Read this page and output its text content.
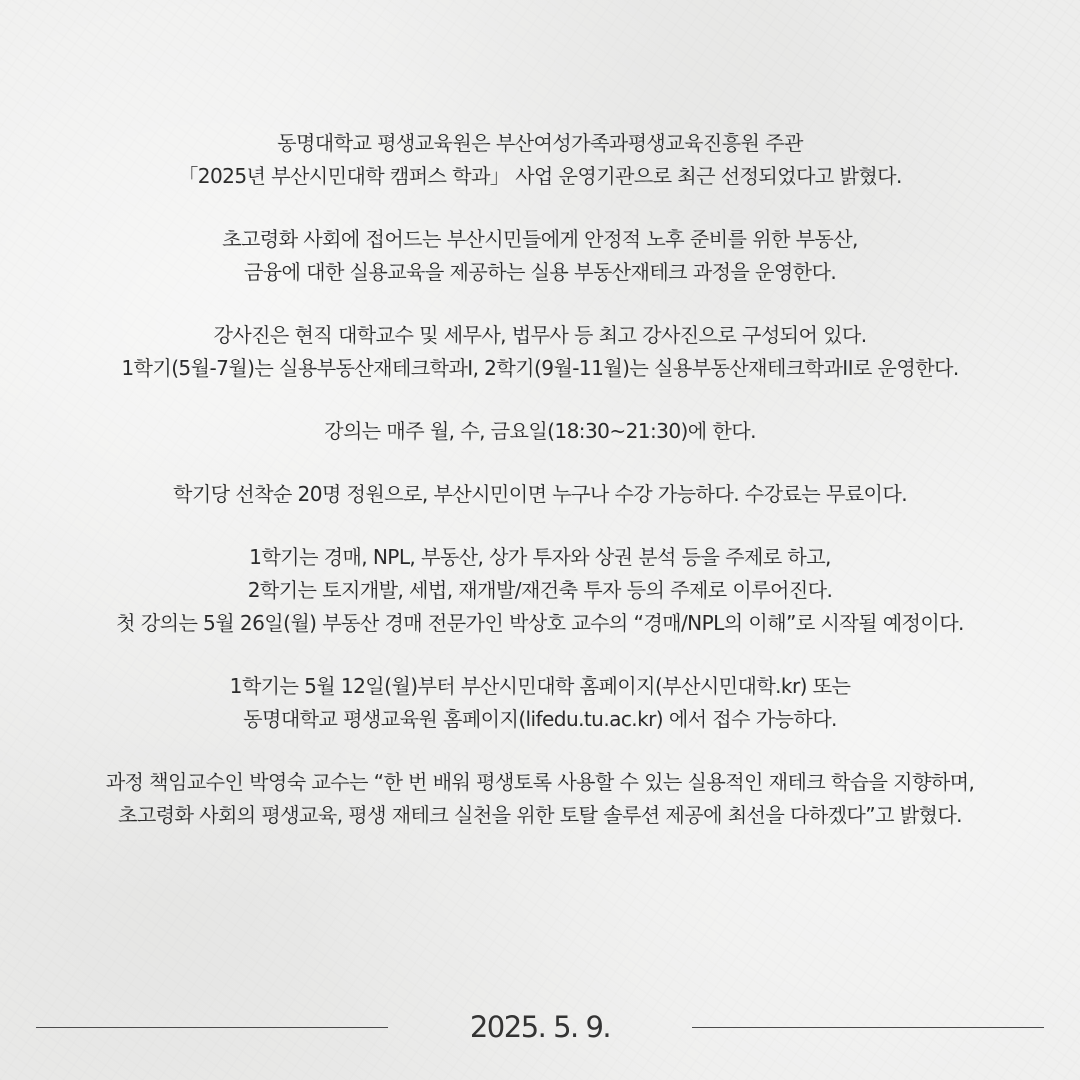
동명대학교 평생교육원은 부산여성가족과평생교육진흥원 주관
「2025년 부산시민대학 캠퍼스 학과」 사업 운영기관으로 최근 선정되었다고 밝혔다.

초고령화 사회에 접어드는 부산시민들에게 안정적 노후 준비를 위한 부동산,
금융에 대한 실용교육을 제공하는 실용 부동산재테크 과정을 운영한다.

강사진은 현직 대학교수 및 세무사, 법무사 등 최고 강사진으로 구성되어 있다.
1학기(5월-7월)는 실용부동산재테크학과I, 2학기(9월-11월)는 실용부동산재테크학과II로 운영한다.

강의는 매주 월, 수, 금요일(18:30~21:30)에 한다.

학기당 선착순 20명 정원으로, 부산시민이면 누구나 수강 가능하다. 수강료는 무료이다.

1학기는 경매, NPL, 부동산, 상가 투자와 상권 분석 등을 주제로 하고,
2학기는 토지개발, 세법, 재개발/재건축 투자 등의 주제로 이루어진다.
첫 강의는 5월 26일(월) 부동산 경매 전문가인 박상호 교수의 “경매/NPL의 이해”로 시작될 예정이다.

1학기는 5월 12일(월)부터 부산시민대학 홈페이지(부산시민대학.kr) 또는
동명대학교 평생교육원 홈페이지(lifedu.tu.ac.kr) 에서 접수 가능하다.

과정 책임교수인 박영숙 교수는 “한 번 배워 평생토록 사용할 수 있는 실용적인 재테크 학습을 지향하며,
초고령화 사회의 평생교육, 평생 재테크 실천을 위한 토탈 솔루션 제공에 최선을 다하겠다”고 밝혔다.

2025. 5. 9.
